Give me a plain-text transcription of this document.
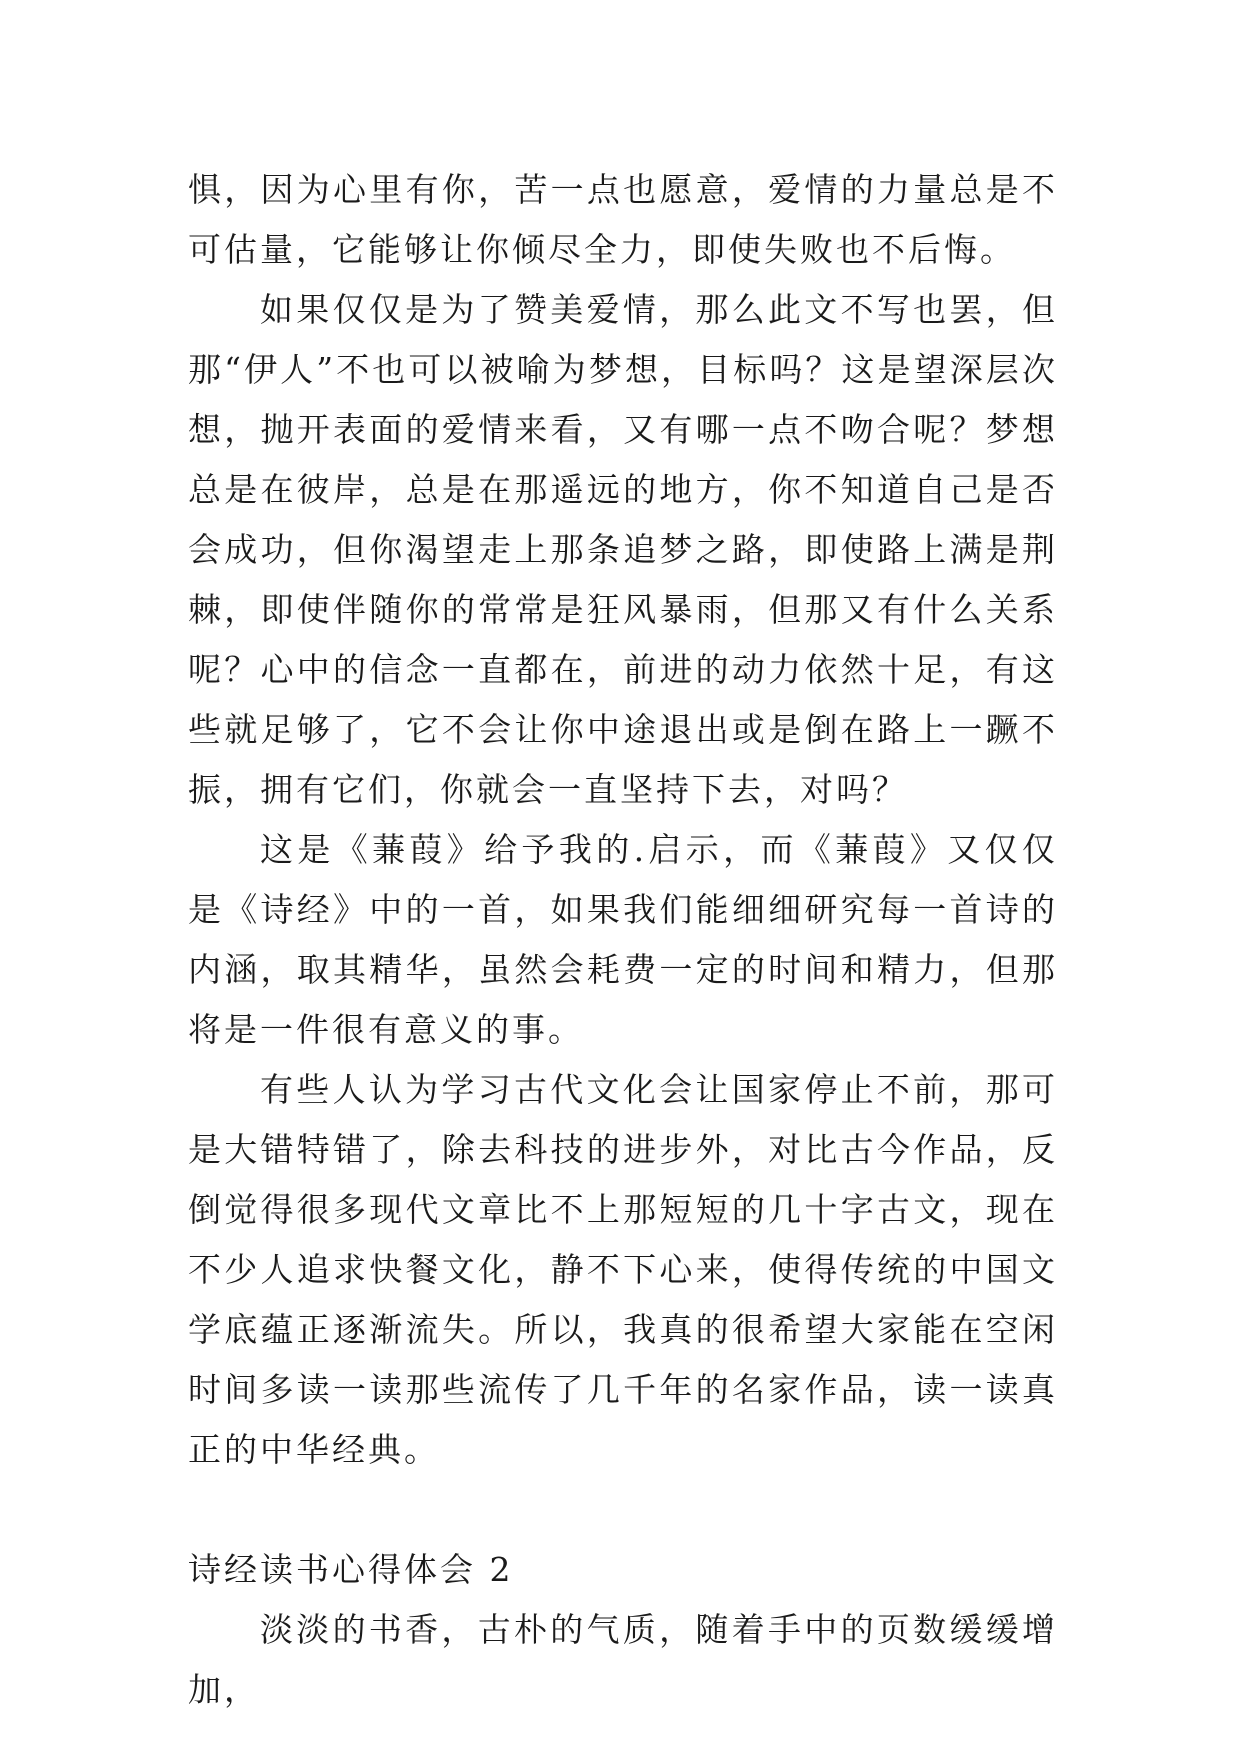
惧，因为心里有你，苦一点也愿意，爱情的力量总是不可估量，它能够让你倾尽全力，即使失败也不后悔。

如果仅仅是为了赞美爱情，那么此文不写也罢，但那“伊人”不也可以被喻为梦想，目标吗？这是望深层次想，抛开表面的爱情来看，又有哪一点不吻合呢？梦想总是在彼岸，总是在那遥远的地方，你不知道自己是否会成功，但你渴望走上那条追梦之路，即使路上满是荆棘，即使伴随你的常常是狂风暴雨，但那又有什么关系呢？心中的信念一直都在，前进的动力依然十足，有这些就足够了，它不会让你中途退出或是倒在路上一蹶不振，拥有它们，你就会一直坚持下去，对吗？

这是《蒹葭》给予我的.启示，而《蒹葭》又仅仅是《诗经》中的一首，如果我们能细细研究每一首诗的内涵，取其精华，虽然会耗费一定的时间和精力，但那将是一件很有意义的事。

有些人认为学习古代文化会让国家停止不前，那可是大错特错了，除去科技的进步外，对比古今作品，反倒觉得很多现代文章比不上那短短的几十字古文，现在不少人追求快餐文化，静不下心来，使得传统的中国文学底蕴正逐渐流失。所以，我真的很希望大家能在空闲时间多读一读那些流传了几千年的名家作品，读一读真正的中华经典。

诗经读书心得体会 2

淡淡的书香，古朴的气质，随着手中的页数缓缓增加，
